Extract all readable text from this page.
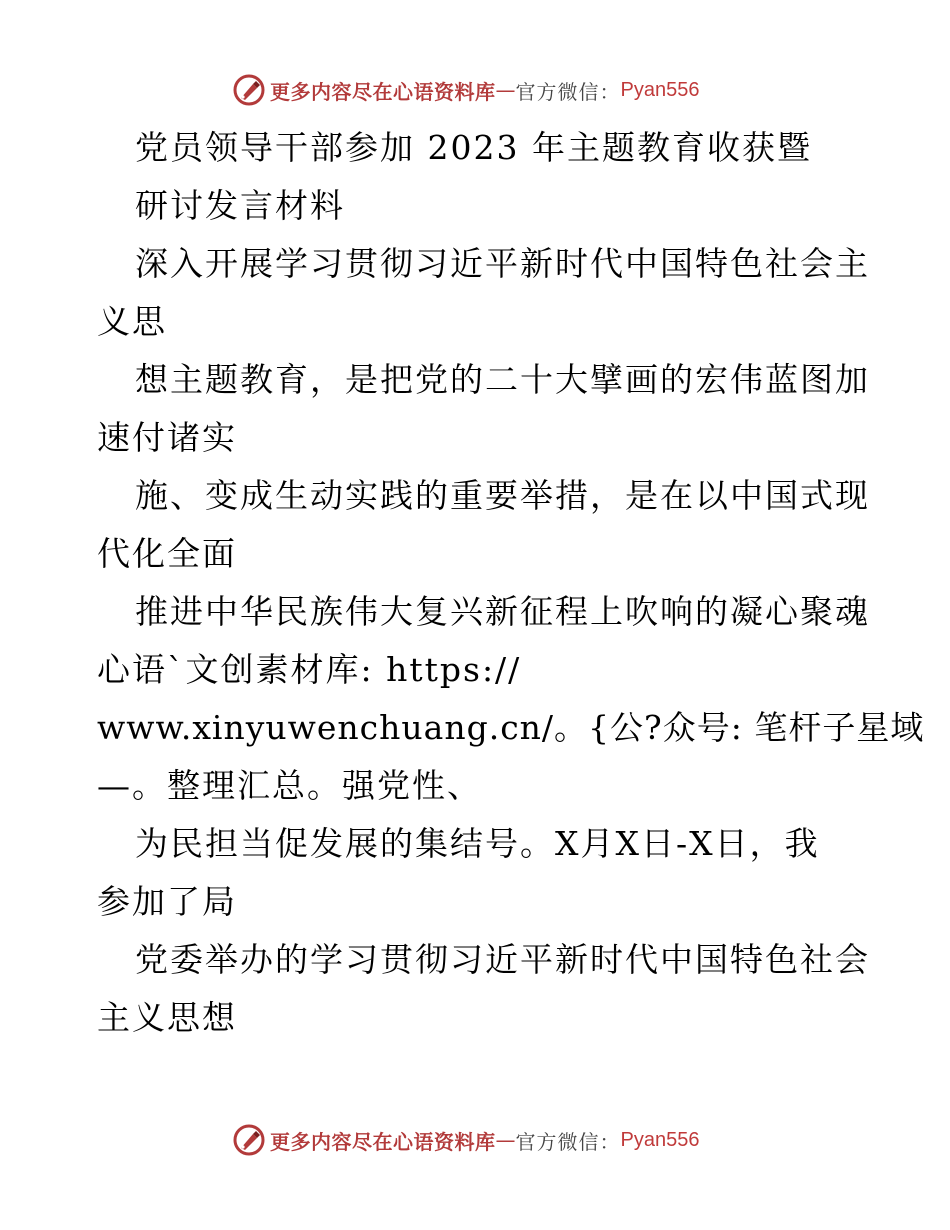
更多内容尽在心语资料库 — 官方微信： Pyan556
党员领导干部参加 2023 年主题教育收获暨
研讨发言材料
深入开展学习贯彻习近平新时代中国特色社会主
义思
想主题教育，是把党的二十大擘画的宏伟蓝图加
速付诸实
施、变成生动实践的重要举措，是在以中国式现
代化全面
推进中华民族伟大复兴新征程上吹响的凝心聚魂
心语`文创素材库: https://
www.xinyuwenchuang.cn/。{公?众号: 笔杆子星域
—。整理汇总。强党性、
为民担当促发展的集结号。X月X日-X日，我
参加了局
党委举办的学习贯彻习近平新时代中国特色社会
主义思想
更多内容尽在心语资料库 — 官方微信： Pyan556
